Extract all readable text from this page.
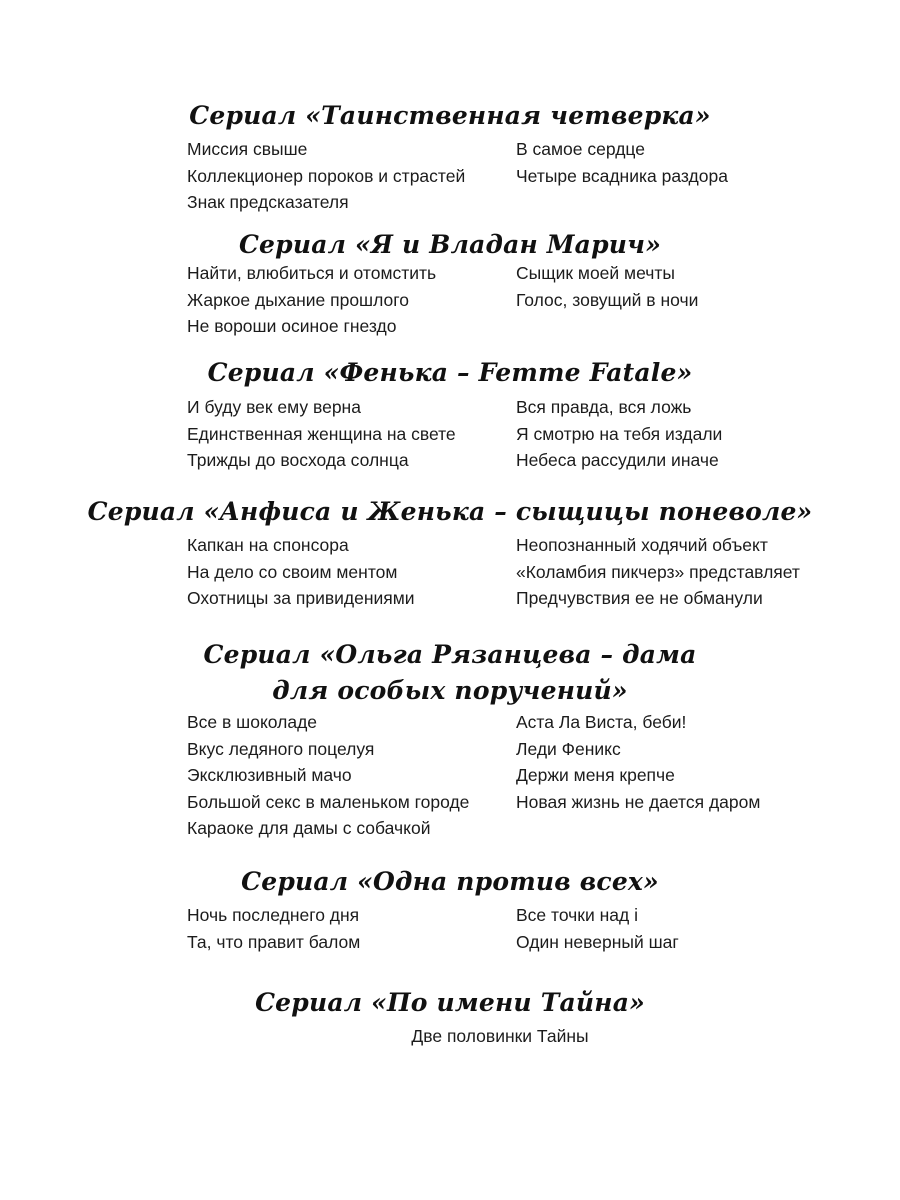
Сериал «Таинственная четверка»
Миссия свыше
Коллекционер пороков и страстей
Знак предсказателя
В самое сердце
Четыре всадника раздора
Сериал «Я и Владан Марич»
Найти, влюбиться и отомстить
Жаркое дыхание прошлого
Не вороши осиное гнездо
Сыщик моей мечты
Голос, зовущий в ночи
Сериал «Фенька – Femme Fatale»
И буду век ему верна
Единственная женщина на свете
Трижды до восхода солнца
Вся правда, вся ложь
Я смотрю на тебя издали
Небеса рассудили иначе
Сериал «Анфиса и Женька – сыщицы поневоле»
Капкан на спонсора
На дело со своим ментом
Охотницы за привидениями
Неопознанный ходячий объект
«Коламбия пикчерз» представляет
Предчувствия ее не обманули
Сериал «Ольга Рязанцева – дама
для особых поручений»
Все в шоколаде
Вкус ледяного поцелуя
Эксклюзивный мачо
Большой секс в маленьком городе
Караоке для дамы с собачкой
Аста Ла Виста, беби!
Леди Феникс
Держи меня крепче
Новая жизнь не дается даром
Сериал «Одна против всех»
Ночь последнего дня
Та, что правит балом
Все точки над i
Один неверный шаг
Сериал «По имени Тайна»

Две половинки Тайны
